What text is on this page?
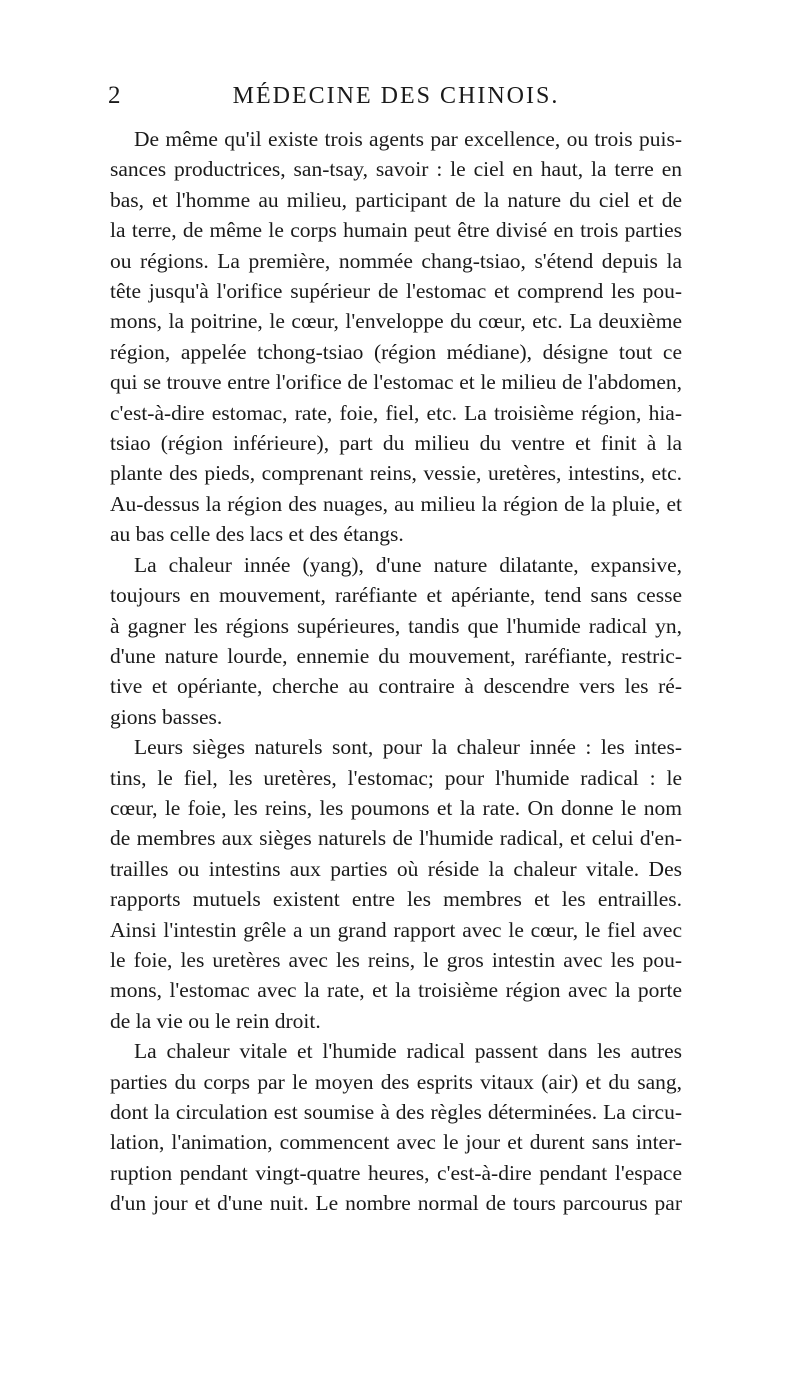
2	MÉDECINE DES CHINOIS.
De même qu'il existe trois agents par excellence, ou trois puis-
sances productrices, san-tsay, savoir : le ciel en haut, la terre en
bas, et l'homme au milieu, participant de la nature du ciel et de
la terre, de même le corps humain peut être divisé en trois parties
ou régions. La première, nommée chang-tsiao, s'étend depuis la
tête jusqu'à l'orifice supérieur de l'estomac et comprend les pou-
mons, la poitrine, le cœur, l'enveloppe du cœur, etc. La deuxième
région, appelée tchong-tsiao (région médiane), désigne tout ce
qui se trouve entre l'orifice de l'estomac et le milieu de l'abdomen,
c'est-à-dire estomac, rate, foie, fiel, etc. La troisième région, hia-
tsiao (région inférieure), part du milieu du ventre et finit à la
plante des pieds, comprenant reins, vessie, uretères, intestins, etc.
Au-dessus la région des nuages, au milieu la région de la pluie, et
au bas celle des lacs et des étangs.
La chaleur innée (yang), d'une nature dilatante, expansive,
toujours en mouvement, raréfiante et apériante, tend sans cesse
à gagner les régions supérieures, tandis que l'humide radical yn,
d'une nature lourde, ennemie du mouvement, raréfiante, restric-
tive et opériante, cherche au contraire à descendre vers les ré-
gions basses.
Leurs sièges naturels sont, pour la chaleur innée : les intes-
tins, le fiel, les uretères, l'estomac; pour l'humide radical : le
cœur, le foie, les reins, les poumons et la rate. On donne le nom
de membres aux sièges naturels de l'humide radical, et celui d'en-
trailles ou intestins aux parties où réside la chaleur vitale. Des
rapports mutuels existent entre les membres et les entrailles.
Ainsi l'intestin grêle a un grand rapport avec le cœur, le fiel avec
le foie, les uretères avec les reins, le gros intestin avec les pou-
mons, l'estomac avec la rate, et la troisième région avec la porte
de la vie ou le rein droit.
La chaleur vitale et l'humide radical passent dans les autres
parties du corps par le moyen des esprits vitaux (air) et du sang,
dont la circulation est soumise à des règles déterminées. La circu-
lation, l'animation, commencent avec le jour et durent sans inter-
ruption pendant vingt-quatre heures, c'est-à-dire pendant l'espace
d'un jour et d'une nuit. Le nombre normal de tours parcourus par
